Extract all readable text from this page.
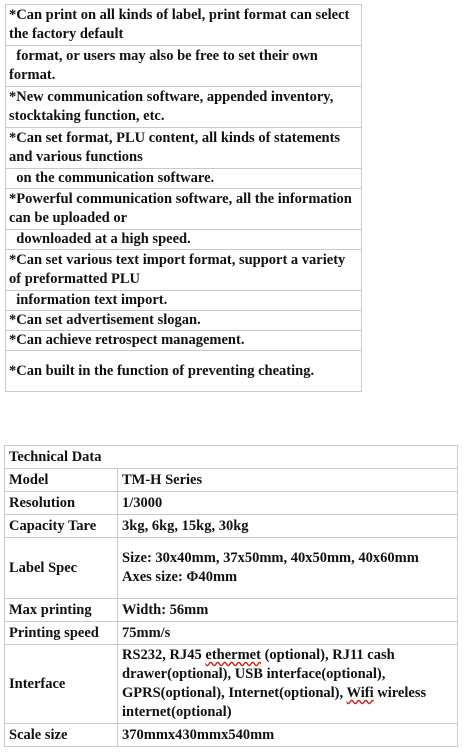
*Can print on all kinds of label, print format can select the factory default
format, or users may also be free to set their own format.
*New communication software, appended inventory, stocktaking function, etc.
*Can set format, PLU content, all kinds of statements and various functions
on the communication software.
*Powerful communication software, all the information can be uploaded or
downloaded at a high speed.
*Can set various text import format, support a variety of preformatted PLU
information text import.
*Can set advertisement slogan.
*Can achieve retrospect management.
*Can built in the function of preventing cheating.
Technical Data	
Model	TM-H Series
Resolution	1/3000
Capacity Tare	3kg, 6kg, 15kg, 30kg
Label Spec	Size: 30x40mm, 37x50mm, 40x50mm, 40x60mm
Axes size: Φ40mm

Max printing	Width: 56mm
Printing speed	75mm/s
Interface	RS232, RJ45 ethermet (optional), RJ11 cash drawer(optional), USB interface(optional), GPRS(optional), Internet(optional), Wifi wireless internet(optional)
Scale size	370mmx430mmx540mm
